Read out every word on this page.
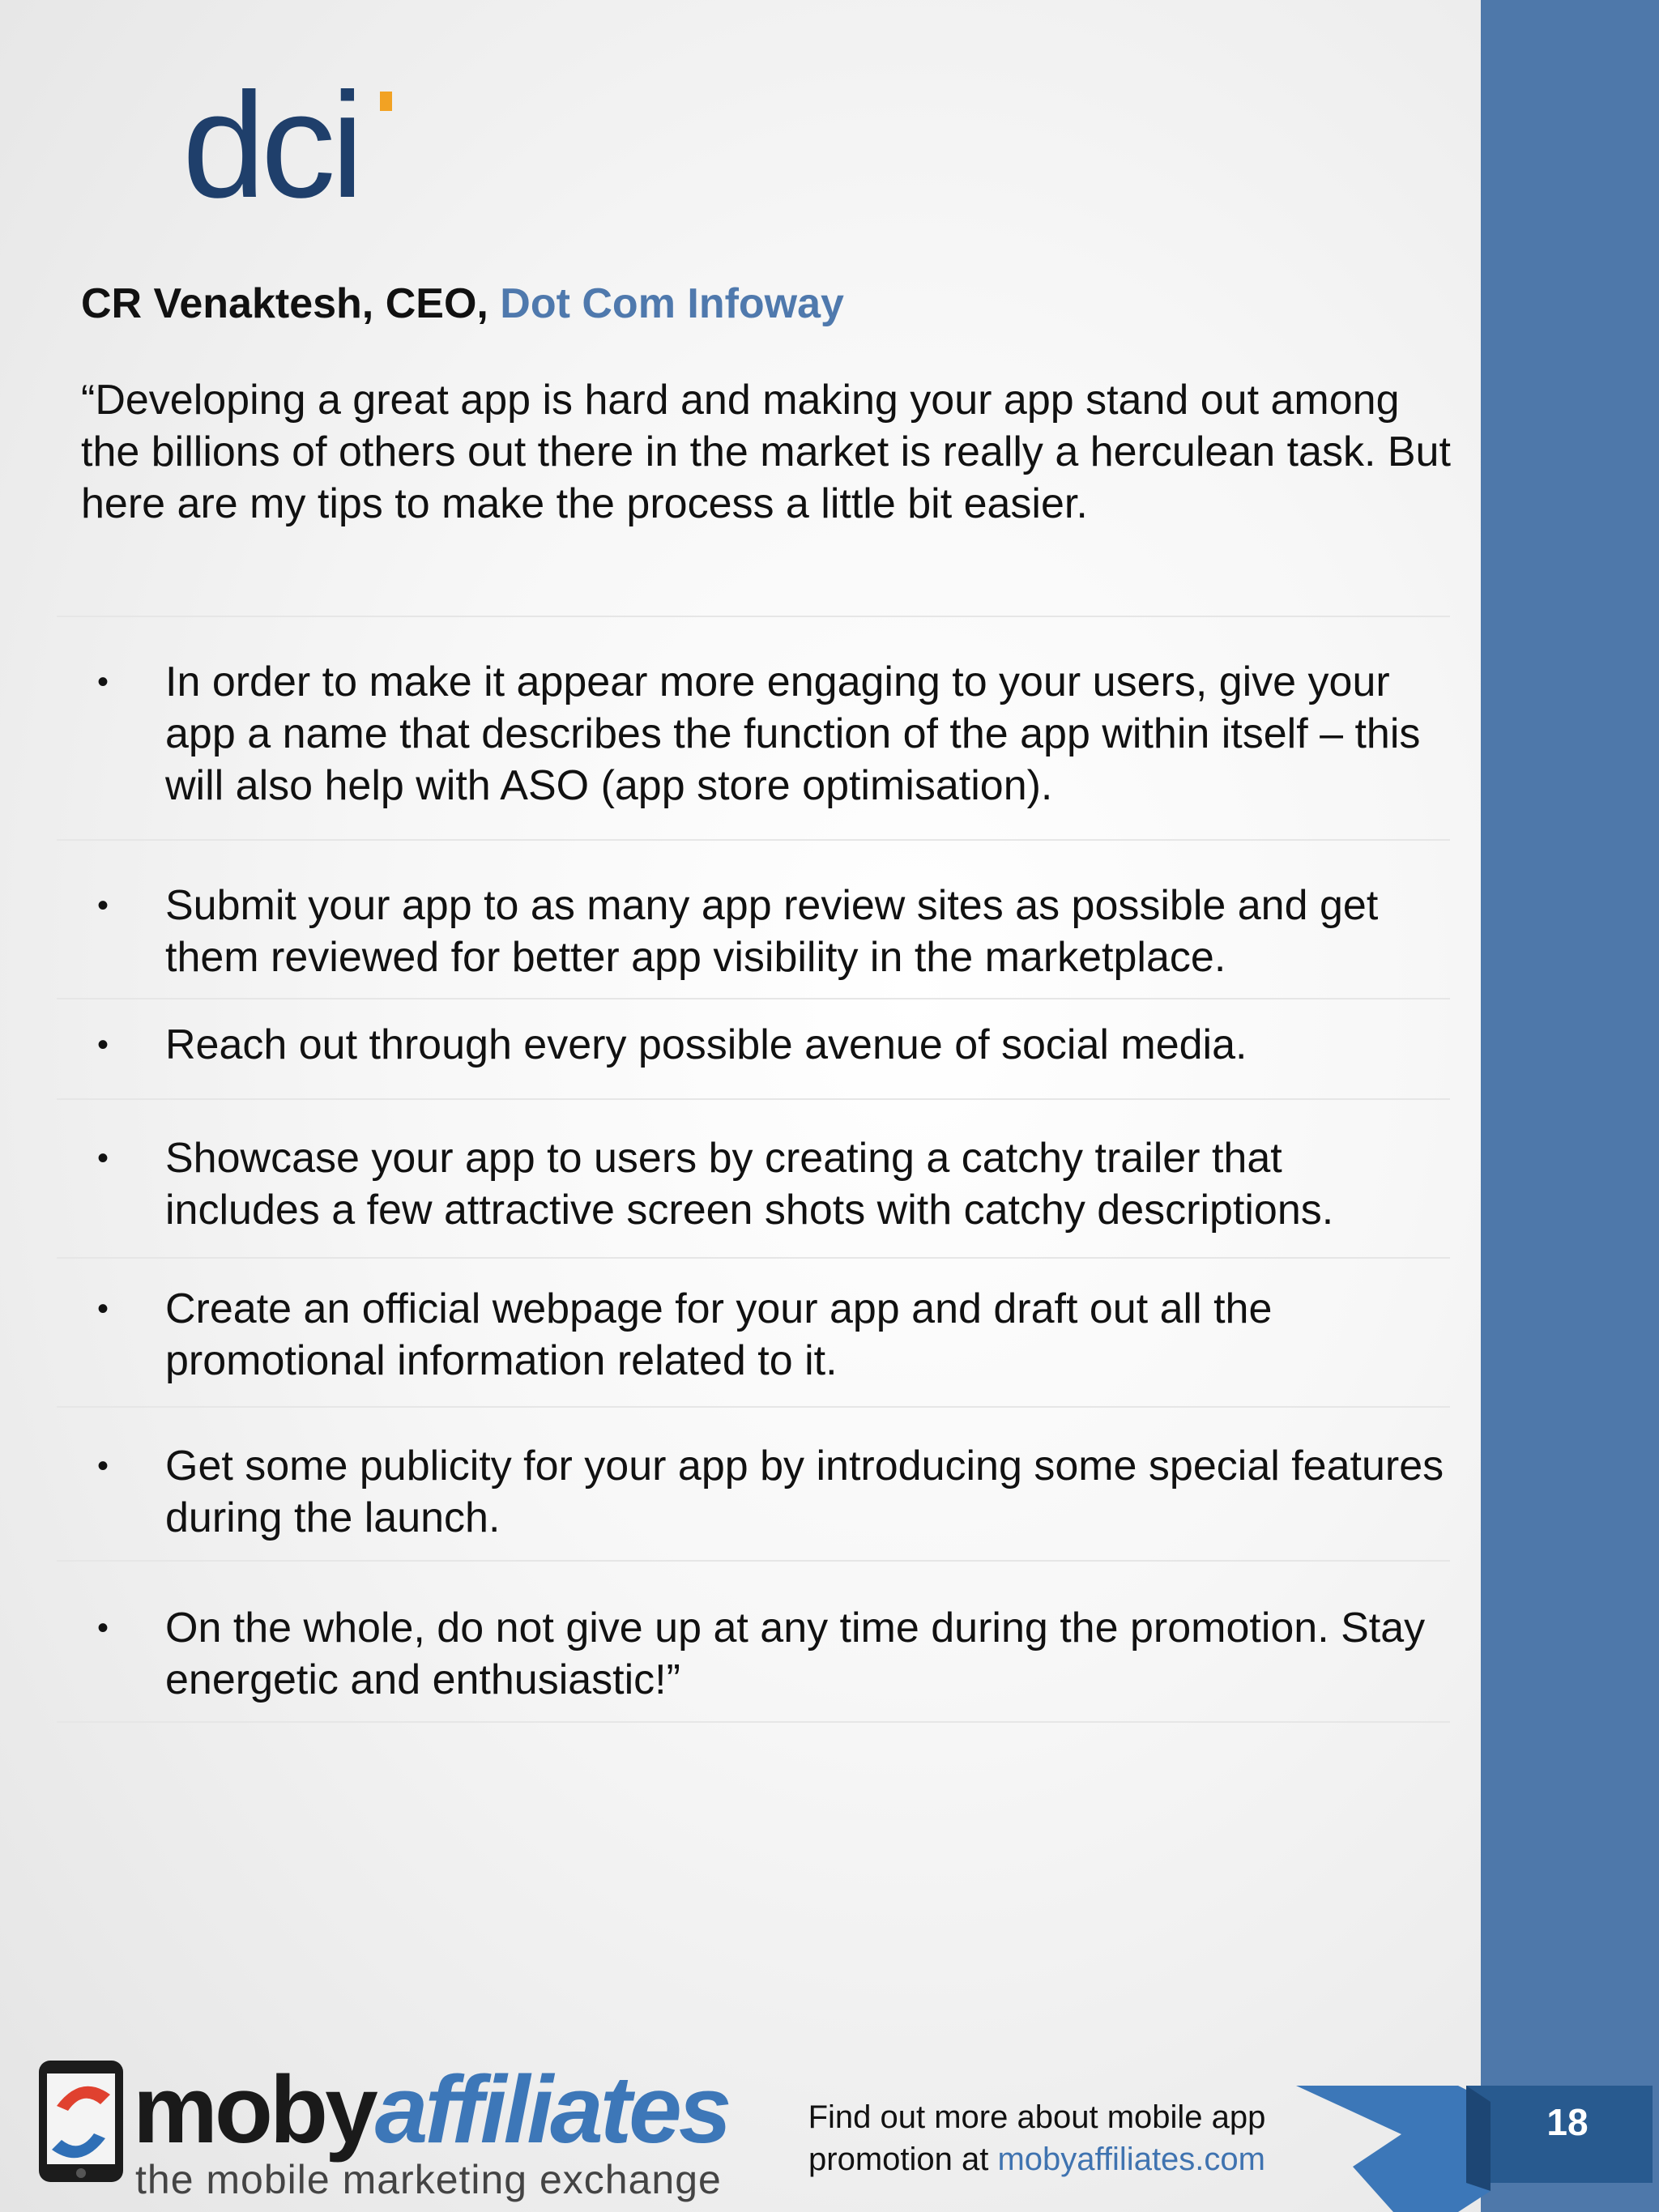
dci
CR Venaktesh, CEO, Dot Com Infoway

“Developing a great app is hard and making your app stand out among the billions of others out there in the market is really a herculean task. But here are my tips to make the process a little bit easier.

• In order to make it appear more engaging to your users, give your app a name that describes the function of the app within itself – this will also help with ASO (app store optimisation).
• Submit your app to as many app review sites as possible and get them reviewed for better app visibility in the marketplace.
• Reach out through every possible avenue of social media.
• Showcase your app to users by creating a catchy trailer that includes a few attractive screen shots with catchy descriptions.
• Create an official webpage for your app and draft out all the promotional information related to it.
• Get some publicity for your app by introducing some special features during the launch.
• On the whole, do not give up at any time during the promotion. Stay energetic and enthusiastic!”
mobyaffiliates
the mobile marketing exchange
Find out more about mobile app
promotion at mobyaffiliates.com
18
